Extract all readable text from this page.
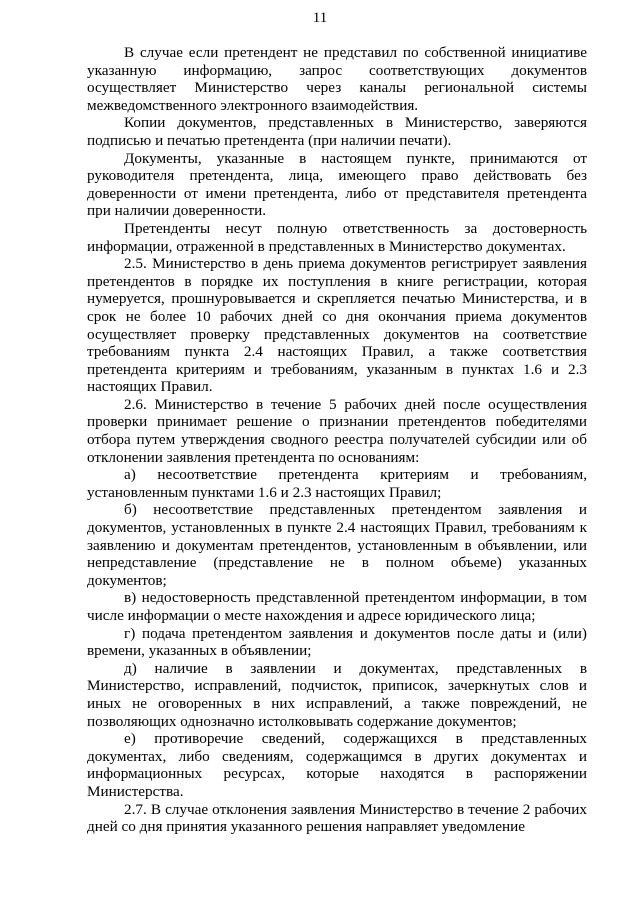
11

В случае если претендент не представил по собственной инициативе указанную информацию, запрос соответствующих документов осуществляет Министерство через каналы региональной системы межведомственного электронного взаимодействия.

Копии документов, представленных в Министерство, заверяются подписью и печатью претендента (при наличии печати).

Документы, указанные в настоящем пункте, принимаются от руководителя претендента, лица, имеющего право действовать без доверенности от имени претендента, либо от представителя претендента при наличии доверенности.

Претенденты несут полную ответственность за достоверность информации, отраженной в представленных в Министерство документах.

2.5. Министерство в день приема документов регистрирует заявления претендентов в порядке их поступления в книге регистрации, которая нумеруется, прошнуровывается и скрепляется печатью Министерства, и в срок не более 10 рабочих дней со дня окончания приема документов осуществляет проверку представленных документов на соответствие требованиям пункта 2.4 настоящих Правил, а также соответствия претендента критериям и требованиям, указанным в пунктах 1.6 и 2.3 настоящих Правил.

2.6. Министерство в течение 5 рабочих дней после осуществления проверки принимает решение о признании претендентов победителями отбора путем утверждения сводного реестра получателей субсидии или об отклонении заявления претендента по основаниям:

а) несоответствие претендента критериям и требованиям, установленным пунктами 1.6 и 2.3 настоящих Правил;

б) несоответствие представленных претендентом заявления и документов, установленных в пункте 2.4 настоящих Правил, требованиям к заявлению и документам претендентов, установленным в объявлении, или непредставление (представление не в полном объеме) указанных документов;

в) недостоверность представленной претендентом информации, в том числе информации о месте нахождения и адресе юридического лица;

г) подача претендентом заявления и документов после даты и (или) времени, указанных в объявлении;

д) наличие в заявлении и документах, представленных в Министерство, исправлений, подчисток, приписок, зачеркнутых слов и иных не оговоренных в них исправлений, а также повреждений, не позволяющих однозначно истолковывать содержание документов;

е) противоречие сведений, содержащихся в представленных документах, либо сведениям, содержащимся в других документах и информационных ресурсах, которые находятся в распоряжении Министерства.

2.7. В случае отклонения заявления Министерство в течение 2 рабочих дней со дня принятия указанного решения направляет уведомление
